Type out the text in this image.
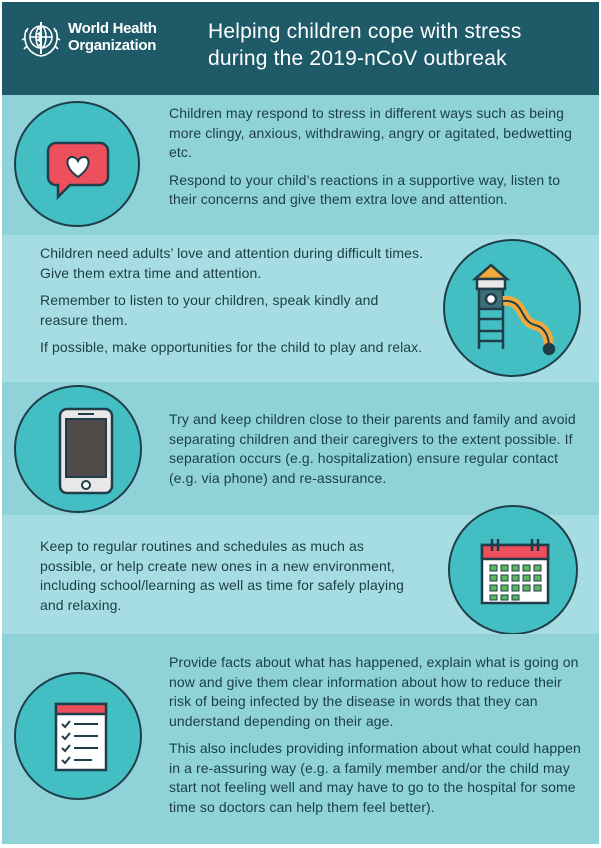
World Health
Organization
Helping children cope with stress
during the 2019-nCoV outbreak

Children may respond to stress in different ways such as being more clingy, anxious, withdrawing, angry or agitated, bedwetting etc.

Respond to your child’s reactions in a supportive way, listen to their concerns and give them extra love and attention.

Children need adults’ love and attention during difficult times. Give them extra time and attention.

Remember to listen to your children, speak kindly and reasure them.

If possible, make opportunities for the child to play and relax.

Try and keep children close to their parents and family and avoid separating children and their caregivers to the extent possible. If separation occurs (e.g. hospitalization) ensure regular contact (e.g. via phone) and re-assurance.

Keep to regular routines and schedules as much as possible, or help create new ones in a new environment, including school/learning as well as time for safely playing and relaxing.

Provide facts about what has happened, explain what is going on now and give them clear information about how to reduce their risk of being infected by the disease in words that they can understand depending on their age.

This also includes providing information about what could happen in a re-assuring way (e.g. a family member and/or the child may start not feeling well and may have to go to the hospital for some time so doctors can help them feel better).
